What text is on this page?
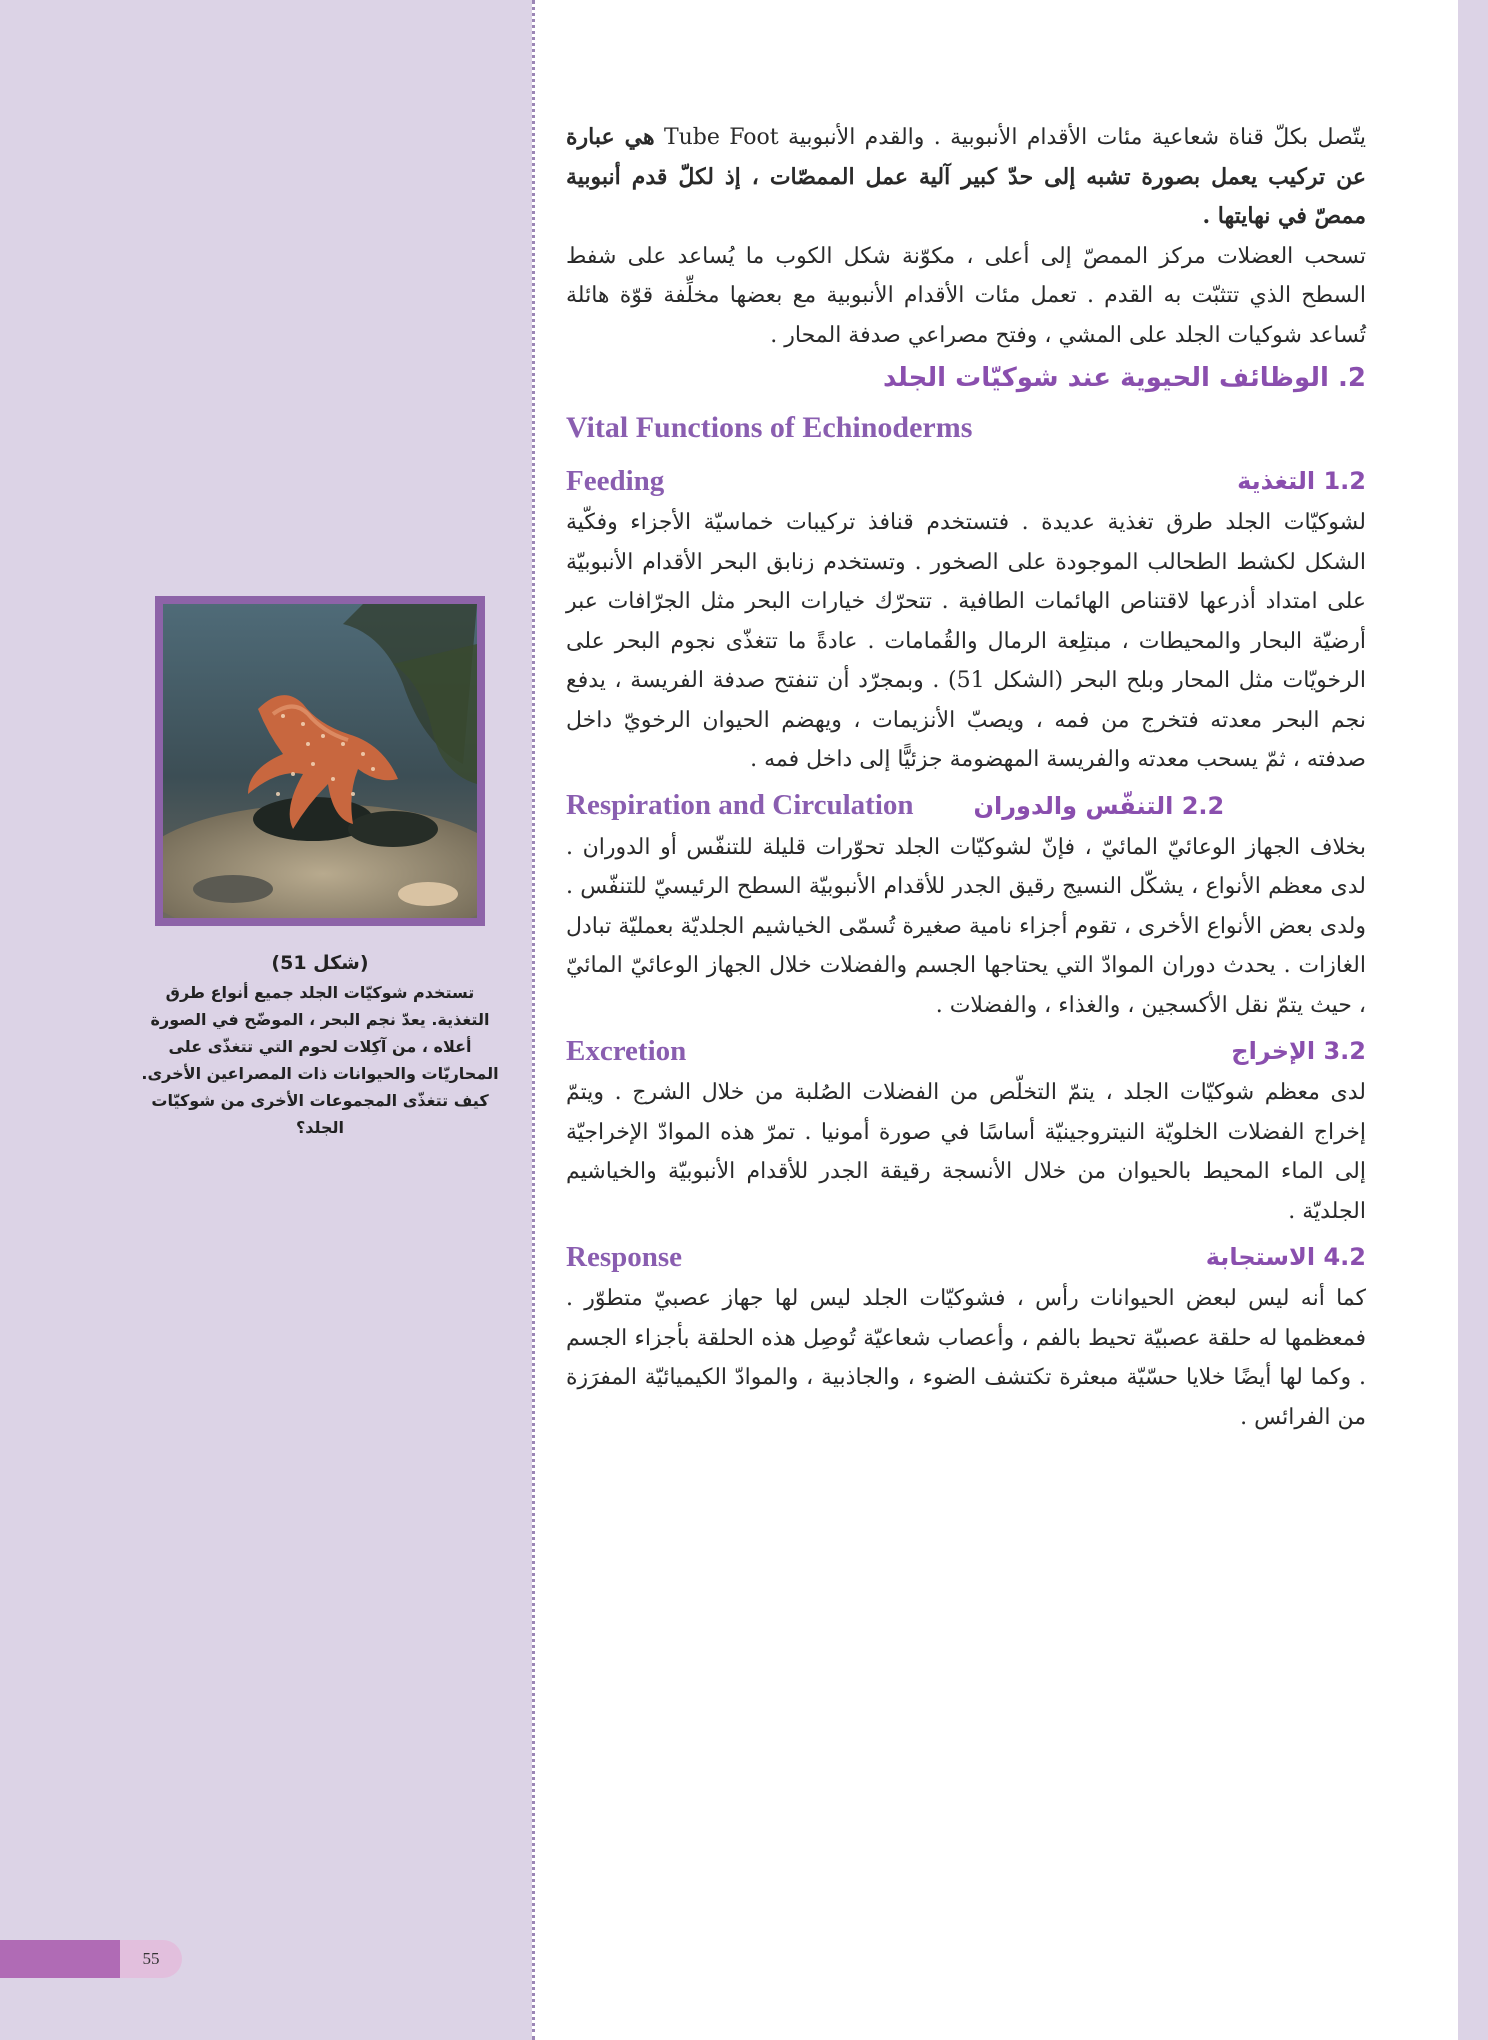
(شكل 51)
تستخدم شوكيّات الجلد جميع أنواع طرق التغذية. يعدّ نجم البحر ، الموضّح في الصورة أعلاه ، من آكِلات لحوم التي تتغذّى على المحاريّات والحيوانات ذات المصراعين الأخرى.
كيف تتغذّى المجموعات الأخرى من شوكيّات الجلد؟
55

يتّصل بكلّ قناة شعاعية مئات الأقدام الأنبوبية . والقدم الأنبوبية Tube Foot هي عبارة عن تركيب يعمل بصورة تشبه إلى حدّ كبير آلية عمل الممصّات ، إذ لكلّ قدم أنبوبية ممصّ في نهايتها .

تسحب العضلات مركز الممصّ إلى أعلى ، مكوّنة شكل الكوب ما يُساعد على شفط السطح الذي تتثبّت به القدم . تعمل مئات الأقدام الأنبوبية مع بعضها مخلِّفة قوّة هائلة تُساعد شوكيات الجلد على المشي ، وفتح مصراعي صدفة المحار .

2. الوظائف الحيوية عند شوكيّات الجلد
Vital Functions of Echinoderms
Feeding	1.2 التغذية

لشوكيّات الجلد طرق تغذية عديدة . فتستخدم قنافذ تركيبات خماسيّة الأجزاء وفكّية الشكل لكشط الطحالب الموجودة على الصخور . وتستخدم زنابق البحر الأقدام الأنبوبيّة على امتداد أذرعها لاقتناص الهائمات الطافية . تتحرّك خيارات البحر مثل الجرّافات عبر أرضيّة البحار والمحيطات ، مبتلِعة الرمال والقُمامات . عادةً ما تتغذّى نجوم البحر على الرخويّات مثل المحار وبلح البحر (الشكل 51) . وبمجرّد أن تنفتح صدفة الفريسة ، يدفع نجم البحر معدته فتخرج من فمه ، ويصبّ الأنزيمات ، ويهضم الحيوان الرخويّ داخل صدفته ، ثمّ يسحب معدته والفريسة المهضومة جزئيًّا إلى داخل فمه .

Respiration and Circulation	2.2 التنفّس والدوران

بخلاف الجهاز الوعائيّ المائيّ ، فإنّ لشوكيّات الجلد تحوّرات قليلة للتنفّس أو الدوران . لدى معظم الأنواع ، يشكّل النسيج رقيق الجدر للأقدام الأنبوبيّة السطح الرئيسيّ للتنفّس . ولدى بعض الأنواع الأخرى ، تقوم أجزاء نامية صغيرة تُسمّى الخياشيم الجلديّة بعمليّة تبادل الغازات . يحدث دوران الموادّ التي يحتاجها الجسم والفضلات خلال الجهاز الوعائيّ المائيّ ، حيث يتمّ نقل الأكسجين ، والغذاء ، والفضلات .

Excretion	3.2 الإخراج

لدى معظم شوكيّات الجلد ، يتمّ التخلّص من الفضلات الصُلبة من خلال الشرج . ويتمّ إخراج الفضلات الخلويّة النيتروجينيّة أساسًا في صورة أمونيا . تمرّ هذه الموادّ الإخراجيّة إلى الماء المحيط بالحيوان من خلال الأنسجة رقيقة الجدر للأقدام الأنبوبيّة والخياشيم الجلديّة .

Response	4.2 الاستجابة

كما أنه ليس لبعض الحيوانات رأس ، فشوكيّات الجلد ليس لها جهاز عصبيّ متطوّر . فمعظمها له حلقة عصبيّة تحيط بالفم ، وأعصاب شعاعيّة تُوصِل هذه الحلقة بأجزاء الجسم . وكما لها أيضًا خلايا حسّيّة مبعثرة تكتشف الضوء ، والجاذبية ، والموادّ الكيميائيّة المفرَزة من الفرائس .
